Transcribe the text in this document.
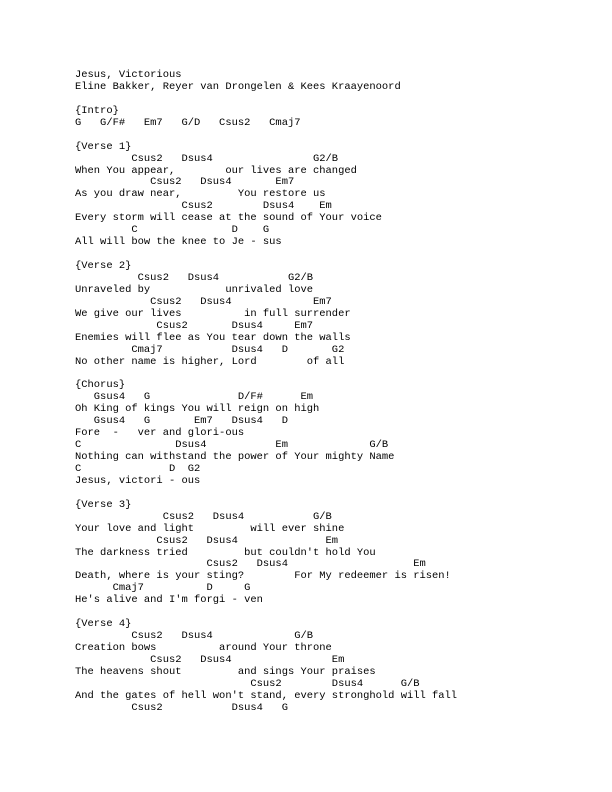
Jesus, Victorious
Eline Bakker, Reyer van Drongelen & Kees Kraayenoord
{Intro}
G   G/F#   Em7   G/D   Csus2   Cmaj7
{Verse 1}
Csus2   Dsus4                G2/B
When You appear,        our lives are changed
Csus2   Dsus4       Em7
As you draw near,         You restore us
Csus2        Dsus4    Em
Every storm will cease at the sound of Your voice
C               D    G
All will bow the knee to Je - sus
{Verse 2}
Csus2   Dsus4           G2/B
Unraveled by            unrivaled love
Csus2   Dsus4             Em7
We give our lives          in full surrender
Csus2       Dsus4     Em7
Enemies will flee as You tear down the walls
Cmaj7           Dsus4   D       G2
No other name is higher, Lord        of all
{Chorus}
Gsus4   G              D/F#      Em
Oh King of kings You will reign on high
Gsus4   G       Em7   Dsus4   D
Fore  -   ver and glori-ous
C               Dsus4           Em             G/B
Nothing can withstand the power of Your mighty Name
C              D  G2
Jesus, victori - ous
{Verse 3}
Csus2   Dsus4           G/B
Your love and light         will ever shine
Csus2   Dsus4              Em
The darkness tried         but couldn't hold You
Csus2   Dsus4                    Em
Death, where is your sting?        For My redeemer is risen!
Cmaj7          D     G
He's alive and I'm forgi - ven
{Verse 4}
Csus2   Dsus4             G/B
Creation bows          around Your throne
Csus2   Dsus4                Em
The heavens shout         and sings Your praises
Csus2        Dsus4      G/B
And the gates of hell won't stand, every stronghold will fall
Csus2           Dsus4   G
